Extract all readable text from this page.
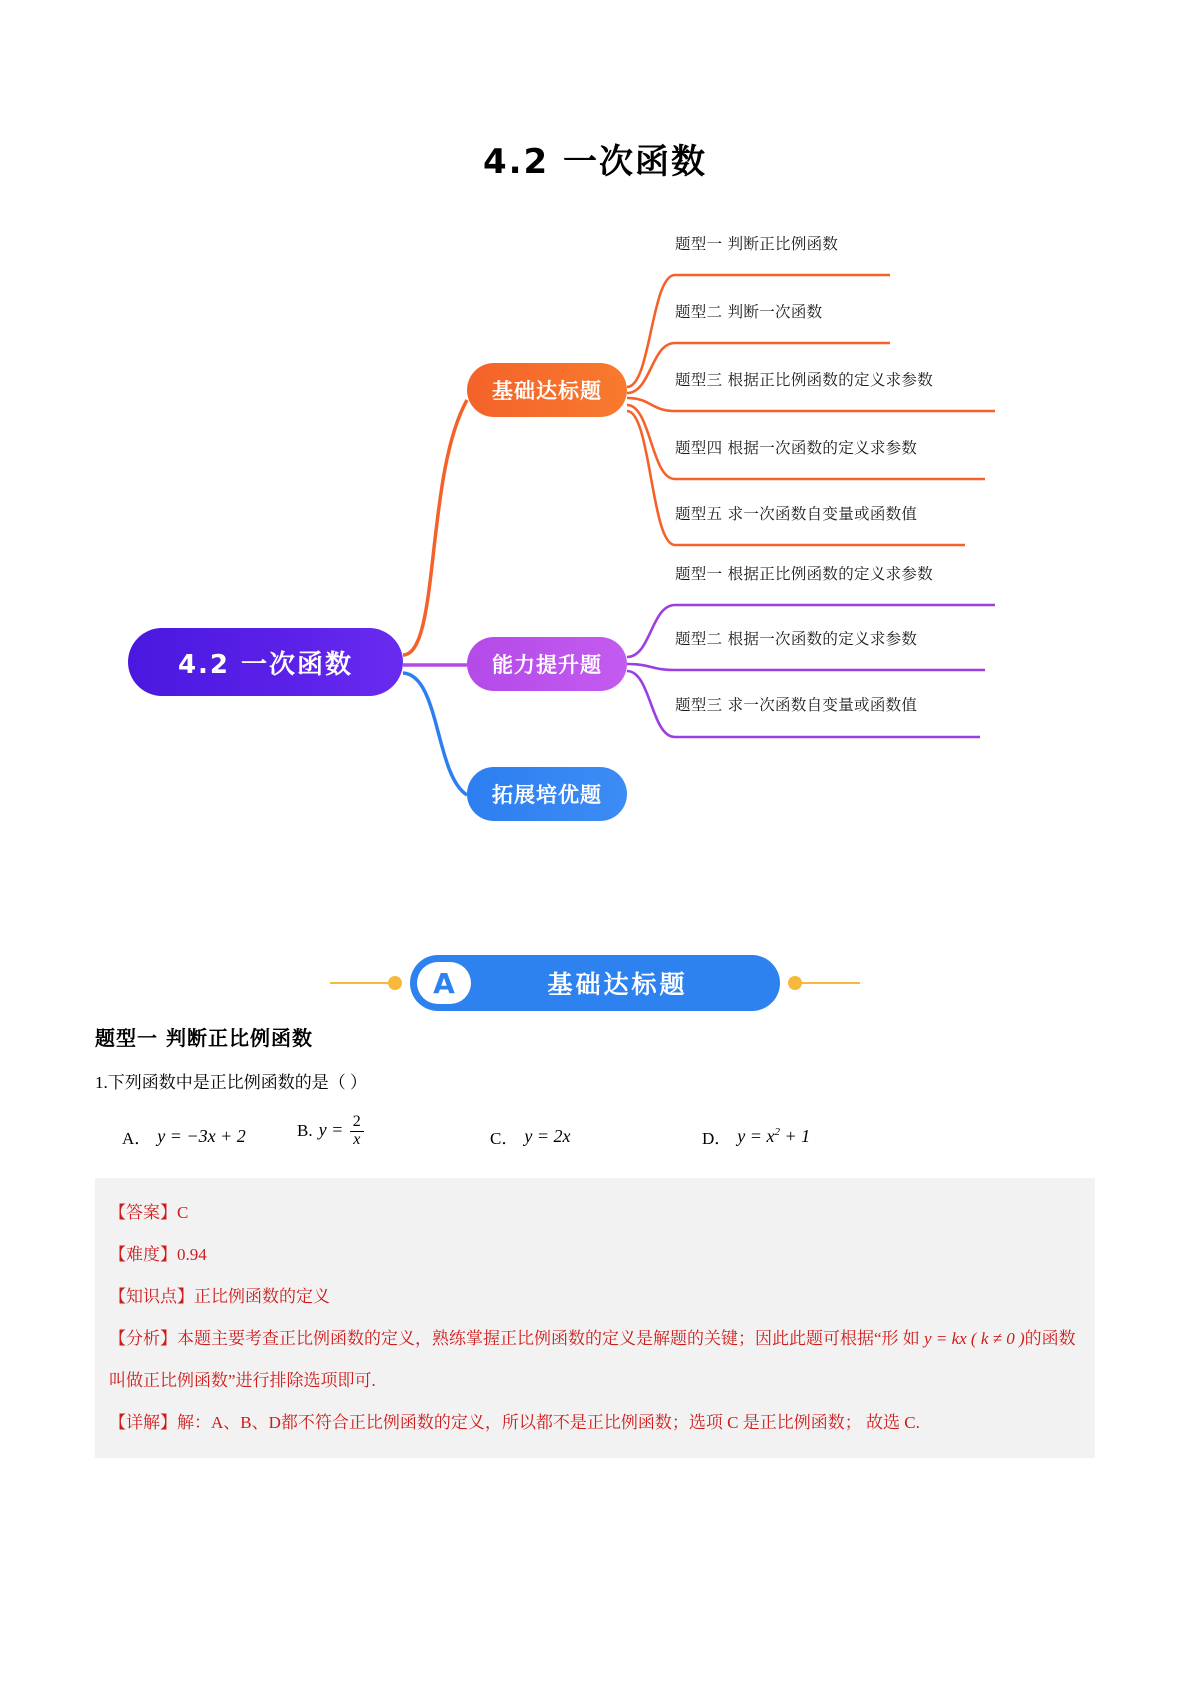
4.2 一次函数
4.2 一次函数
基础达标题
能力提升题
拓展培优题
题型一 判断正比例函数
题型二 判断一次函数
题型三 根据正比例函数的定义求参数
题型四 根据一次函数的定义求参数
题型五 求一次函数自变量或函数值
题型一 根据正比例函数的定义求参数
题型二 根据一次函数的定义求参数
题型三 求一次函数自变量或函数值
A	基础达标题
题型一 判断正比例函数
1.下列函数中是正比例函数的是（ ）
A． y = −3x + 2	B. $y = \frac{2}{x}$	C． y = 2x	D． $y = x^2 + 1$
【答案】C
【难度】0.94
【知识点】正比例函数的定义
【分析】本题主要考查正比例函数的定义，熟练掌握正比例函数的定义是解题的关键；因此此题可根据“形 如 y = kx ( k ≠ 0 )的函数叫做正比例函数”进行排除选项即可.
【详解】解：A、B、D都不符合正比例函数的定义，所以都不是正比例函数；选项 C 是正比例函数； 故选 C.
